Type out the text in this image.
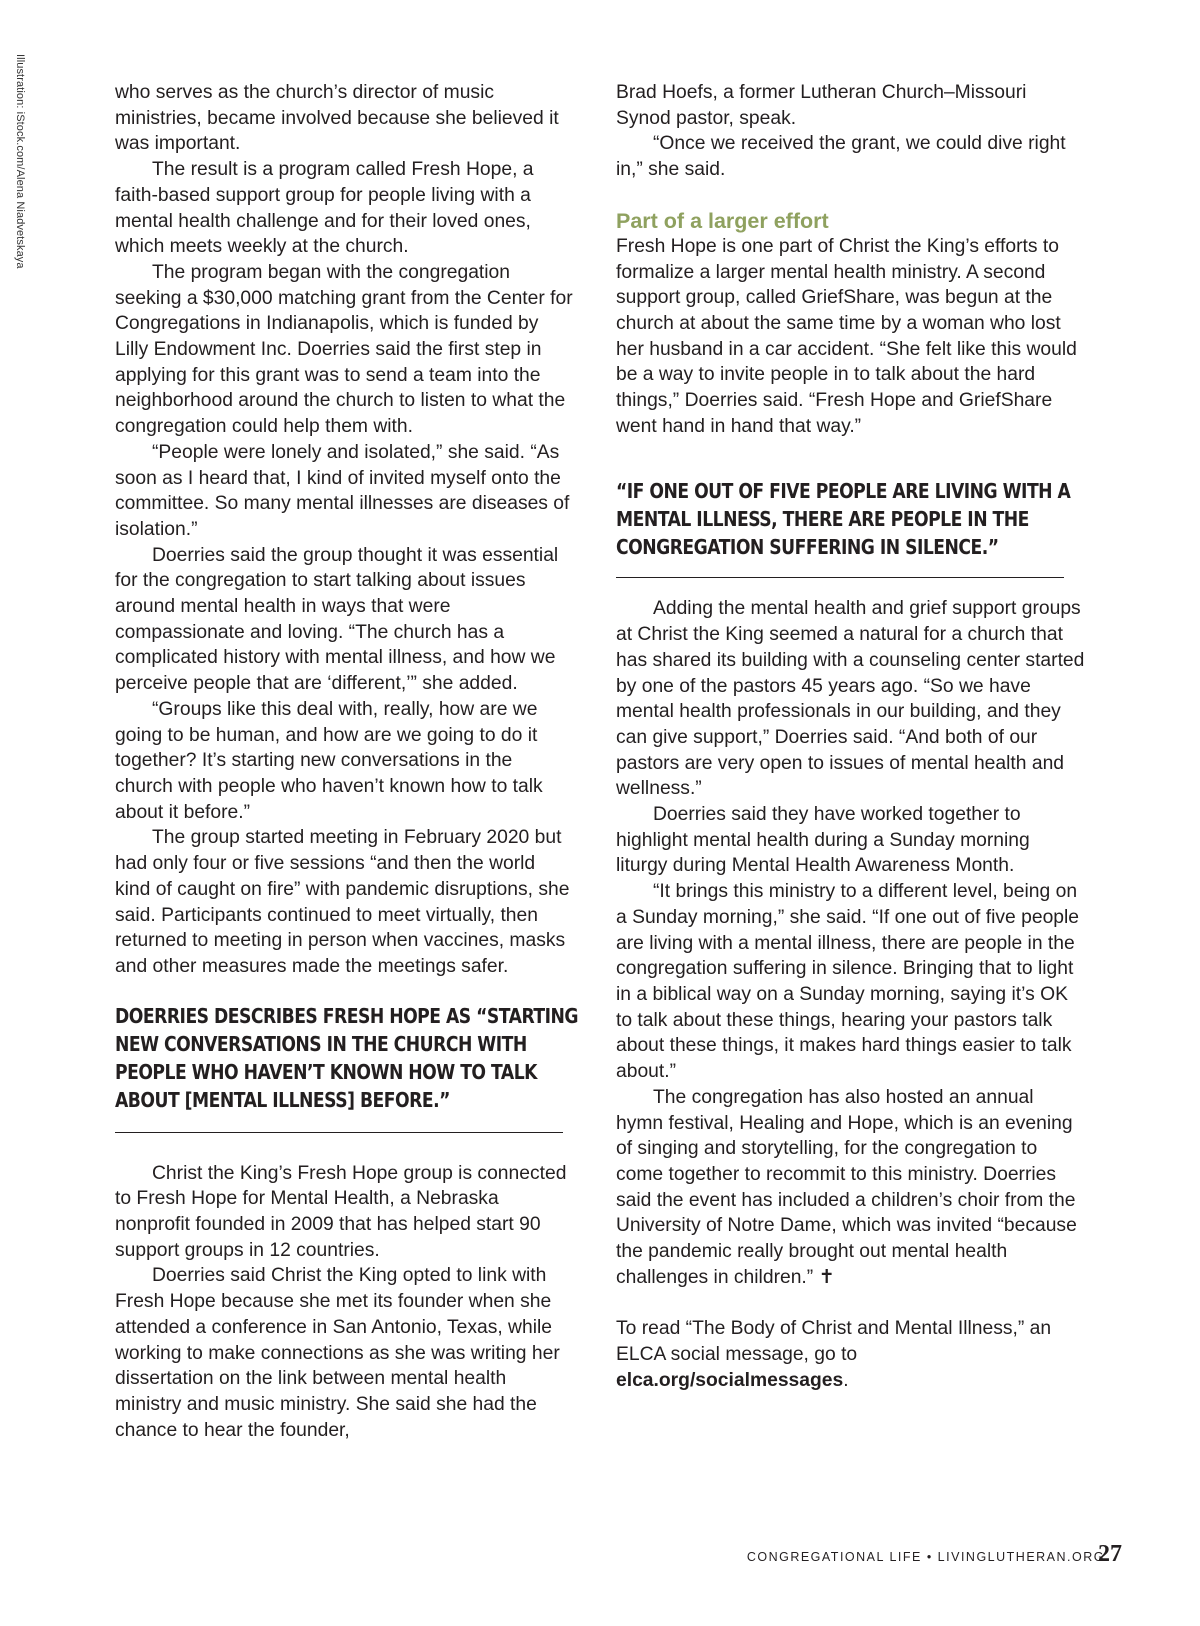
Illustration: iStock.com/Alena Niadvetskaya	who serves as the church’s director of music ministries, became involved because she believed it was important.

The result is a program called Fresh Hope, a faith-based support group for people living with a mental health challenge and for their loved ones, which meets weekly at the church.

The program began with the congregation seeking a $30,000 matching grant from the Center for Congregations in Indianapolis, which is funded by Lilly Endowment Inc. Doerries said the first step in applying for this grant was to send a team into the neighborhood around the church to listen to what the congregation could help them with.

“People were lonely and isolated,” she said. “As soon as I heard that, I kind of invited myself onto the committee. So many mental illnesses are diseases of isolation.”

Doerries said the group thought it was essential for the congregation to start talking about issues around mental health in ways that were compassionate and loving. “The church has a complicated history with mental illness, and how we perceive people that are ‘different,’” she added.

“Groups like this deal with, really, how are we going to be human, and how are we going to do it together? It’s starting new conversations in the church with people who haven’t known how to talk about it before.”

The group started meeting in February 2020 but had only four or five sessions “and then the world kind of caught on fire” with pandemic disruptions, she said. Participants continued to meet virtually, then returned to meeting in person when vaccines, masks and other measures made the meetings safer.

DOERRIES DESCRIBES FRESH HOPE AS “STARTING NEW CONVERSATIONS IN THE CHURCH WITH PEOPLE WHO HAVEN’T KNOWN HOW TO TALK ABOUT [MENTAL ILLNESS] BEFORE.”

Christ the King’s Fresh Hope group is connected to Fresh Hope for Mental Health, a Nebraska nonprofit founded in 2009 that has helped start 90 support groups in 12 countries.

Doerries said Christ the King opted to link with Fresh Hope because she met its founder when she attended a conference in San Antonio, Texas, while working to make connections as she was writing her dissertation on the link between mental health ministry and music ministry. She said she had the chance to hear the founder,

Brad Hoefs, a former Lutheran Church–Missouri Synod pastor, speak.

“Once we received the grant, we could dive right in,” she said.

Part of a larger effort

Fresh Hope is one part of Christ the King’s efforts to formalize a larger mental health ministry. A second support group, called GriefShare, was begun at the church at about the same time by a woman who lost her husband in a car accident. “She felt like this would be a way to invite people in to talk about the hard things,” Doerries said. “Fresh Hope and GriefShare went hand in hand that way.”

“IF ONE OUT OF FIVE PEOPLE ARE LIVING WITH A MENTAL ILLNESS, THERE ARE PEOPLE IN THE CONGREGATION SUFFERING IN SILENCE.”

Adding the mental health and grief support groups at Christ the King seemed a natural for a church that has shared its building with a counseling center started by one of the pastors 45 years ago. “So we have mental health professionals in our building, and they can give support,” Doerries said. “And both of our pastors are very open to issues of mental health and wellness.”

Doerries said they have worked together to highlight mental health during a Sunday morning liturgy during Mental Health Awareness Month.

“It brings this ministry to a different level, being on a Sunday morning,” she said. “If one out of five people are living with a mental illness, there are people in the congregation suffering in silence. Bringing that to light in a biblical way on a Sunday morning, saying it’s OK to talk about these things, hearing your pastors talk about these things, it makes hard things easier to talk about.”

The congregation has also hosted an annual hymn festival, Healing and Hope, which is an evening of singing and storytelling, for the congregation to come together to recommit to this ministry. Doerries said the event has included a children’s choir from the University of Notre Dame, which was invited “because the pandemic really brought out mental health challenges in children.” ✝

To read “The Body of Christ and Mental Illness,” an ELCA social message, go to elca.org/socialmessages.

CONGREGATIONAL LIFE • LIVINGLUTHERAN.ORG
27
